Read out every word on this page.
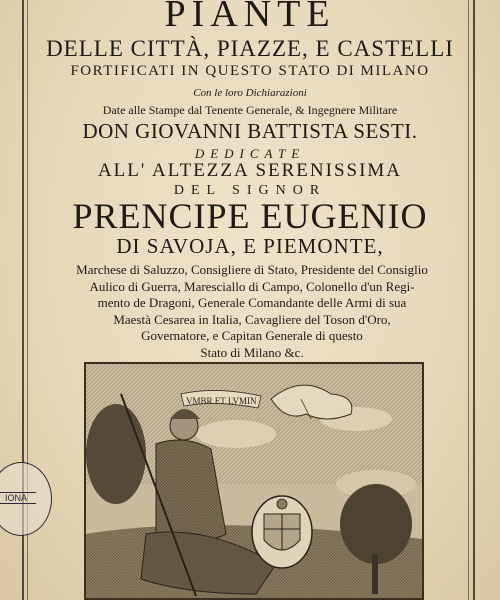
PIANTE
DELLE CITTÀ, PIAZZE, E CASTELLI
FORTIFICATI IN QUESTO STATO DI MILANO
Con le loro Dichiarazioni
Date alle Stampe dal Tenente Generale, & Ingegnere Militare
DON GIOVANNI BATTISTA SESTI.
DEDICATE
ALL' ALTEZZA SERENISSIMA
DEL SIGNOR
PRENCIPE EUGENIO
DI SAVOJA, E PIEMONTE,
Marchese di Saluzzo, Consigliere di Stato, Presidente del Consiglio
Aulico di Guerra, Maresciallo di Campo, Colonello d'un Regi-
mento de Dragoni, Generale Comandante delle Armi di sua
Maestà Cesarea in Italia, Cavagliere del Toson d'Oro,
Governatore, e Capitan Generale di questo
Stato di Milano &c.
VMBR ET LVMIN
IONA
